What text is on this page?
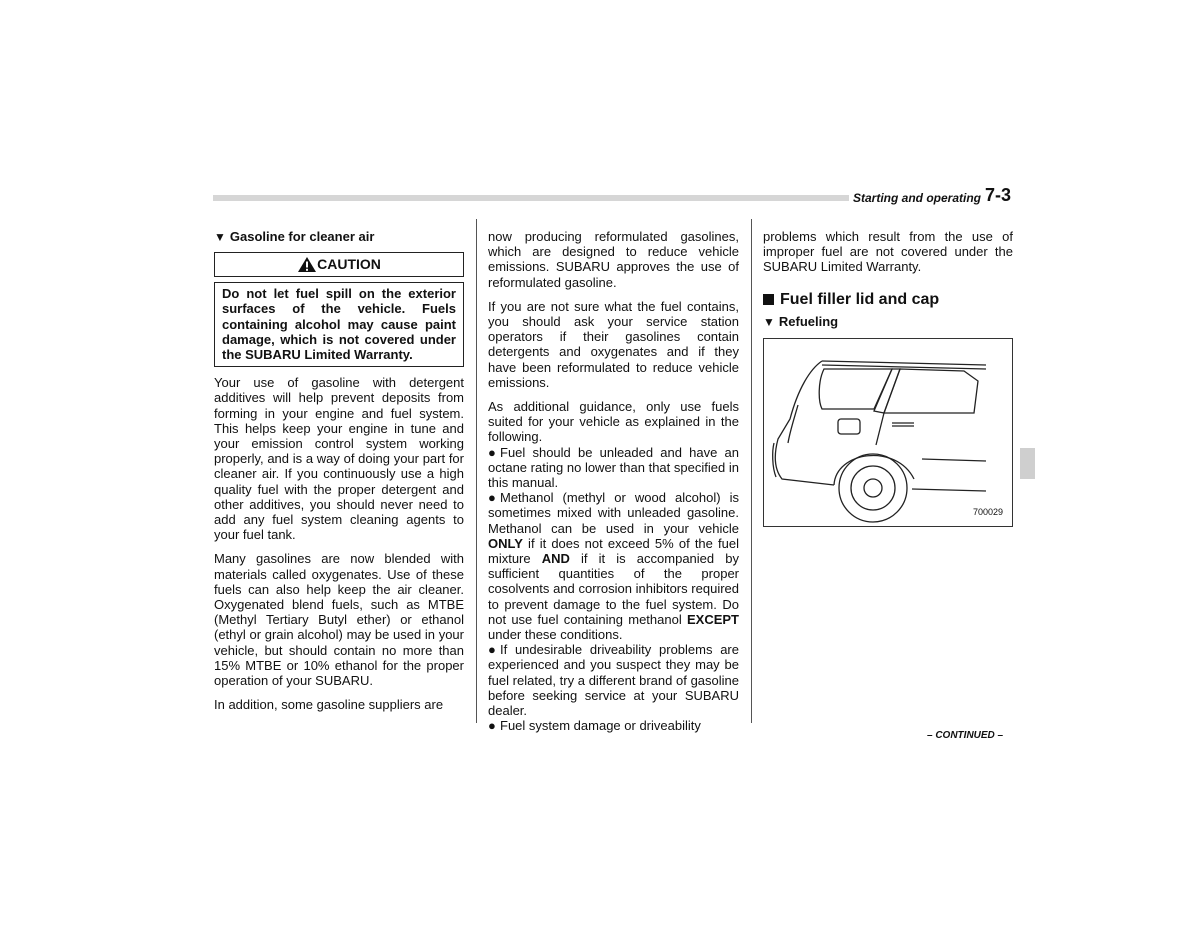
Starting and operating 7-3
▼ Gasoline for cleaner air
CAUTION
Do not let fuel spill on the exterior surfaces of the vehicle. Fuels containing alcohol may cause paint damage, which is not covered under the SUBARU Limited Warranty.

Your use of gasoline with detergent additives will help prevent deposits from forming in your engine and fuel system. This helps keep your engine in tune and your emission control system working properly, and is a way of doing your part for cleaner air. If you continuously use a high quality fuel with the proper detergent and other additives, you should never need to add any fuel system cleaning agents to your fuel tank.

Many gasolines are now blended with materials called oxygenates. Use of these fuels can also help keep the air cleaner. Oxygenated blend fuels, such as MTBE (Methyl Tertiary Butyl ether) or ethanol (ethyl or grain alcohol) may be used in your vehicle, but should contain no more than 15% MTBE or 10% ethanol for the proper operation of your SUBARU.

In addition, some gasoline suppliers are

now producing reformulated gasolines, which are designed to reduce vehicle emissions. SUBARU approves the use of reformulated gasoline.

If you are not sure what the fuel contains, you should ask your service station operators if their gasolines contain detergents and oxygenates and if they have been reformulated to reduce vehicle emissions.

As additional guidance, only use fuels suited for your vehicle as explained in the following.
● Fuel should be unleaded and have an octane rating no lower than that specified in this manual.
● Methanol (methyl or wood alcohol) is sometimes mixed with unleaded gasoline. Methanol can be used in your vehicle ONLY if it does not exceed 5% of the fuel mixture AND if it is accompanied by sufficient quantities of the proper cosolvents and corrosion inhibitors required to prevent damage to the fuel system. Do not use fuel containing methanol EXCEPT under these conditions.
● If undesirable driveability problems are experienced and you suspect they may be fuel related, try a different brand of gasoline before seeking service at your SUBARU dealer.
● Fuel system damage or driveability

problems which result from the use of improper fuel are not covered under the SUBARU Limited Warranty.

Fuel filler lid and cap
▼ Refueling
700029
– CONTINUED –
